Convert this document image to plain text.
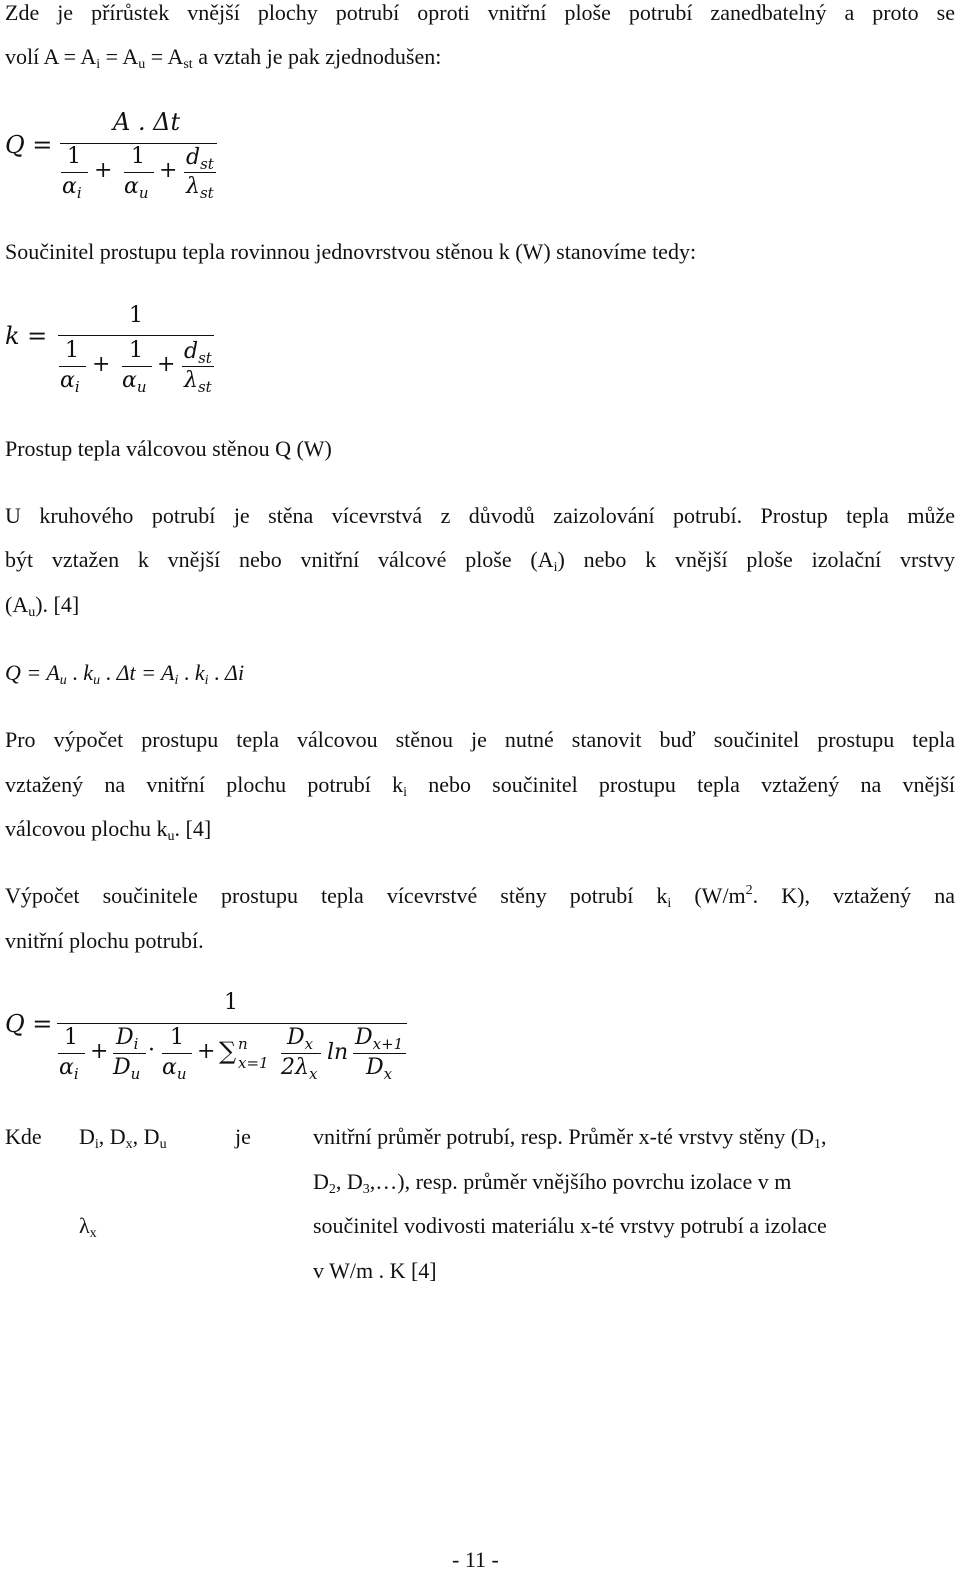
Zde je přírůstek vnější plochy potrubí oproti vnitřní ploše potrubí zanedbatelný a proto se
volí $A = A_i = A_u = A_{st}$ a vztah je pak zjednodušen:
Q =
A . Δt
1
$\alpha_i$
+
1
$\alpha_u$
+
$d_{st}$
$\lambda_{st}$
Součinitel prostupu tepla rovinnou jednovrstvou stěnou k (W) stanovíme tedy:
k =
1
1
$\alpha_i$
+
1
$\alpha_u$
+
$d_{st}$
$\lambda_{st}$
Prostup tepla válcovou stěnou Q (W)
U kruhového potrubí je stěna vícevrstvá z důvodů zaizolování potrubí. Prostup tepla může
být vztažen k vnější nebo vnitřní válcové ploše $(A_i)$ nebo k vnější ploše izolační vrstvy
$(A_u)$. [4]
$Q = A_u$ . $k_u$ . $\Delta t = A_i$ . $k_i$ . Δi
Pro výpočet prostupu tepla válcovou stěnou je nutné stanovit buď součinitel prostupu tepla
vztažený na vnitřní plochu potrubí $k_i$ nebo součinitel prostupu tepla vztažený na vnější
válcovou plochu $k_u$. [4]
Výpočet součinitele prostupu tepla vícevrstvé stěny potrubí $k_i$ ($W/m^2$. K), vztažený na
vnitřní plochu potrubí.
Q =
1
1
$\alpha_i$
+
$D_i$
$D_u$
·
1
$\alpha_u$
+ ∑ n
x=1
$D_x$
$2\lambda_x$
ln
$D_{x+1}$
$D_x$
Kde $D_i$, $D_x$, $D_u$	je	vnitřní průměr potrubí, resp. Průměr x-té vrstvy stěny ($D_1$,
$D_2$, $D_3,\dots$), resp. průměr vnějšího povrchu izolace v m
$\lambda_x$	součinitel vodivosti materiálu x-té vrstvy potrubí a izolace
v W/m . K [4]
- 11 -
